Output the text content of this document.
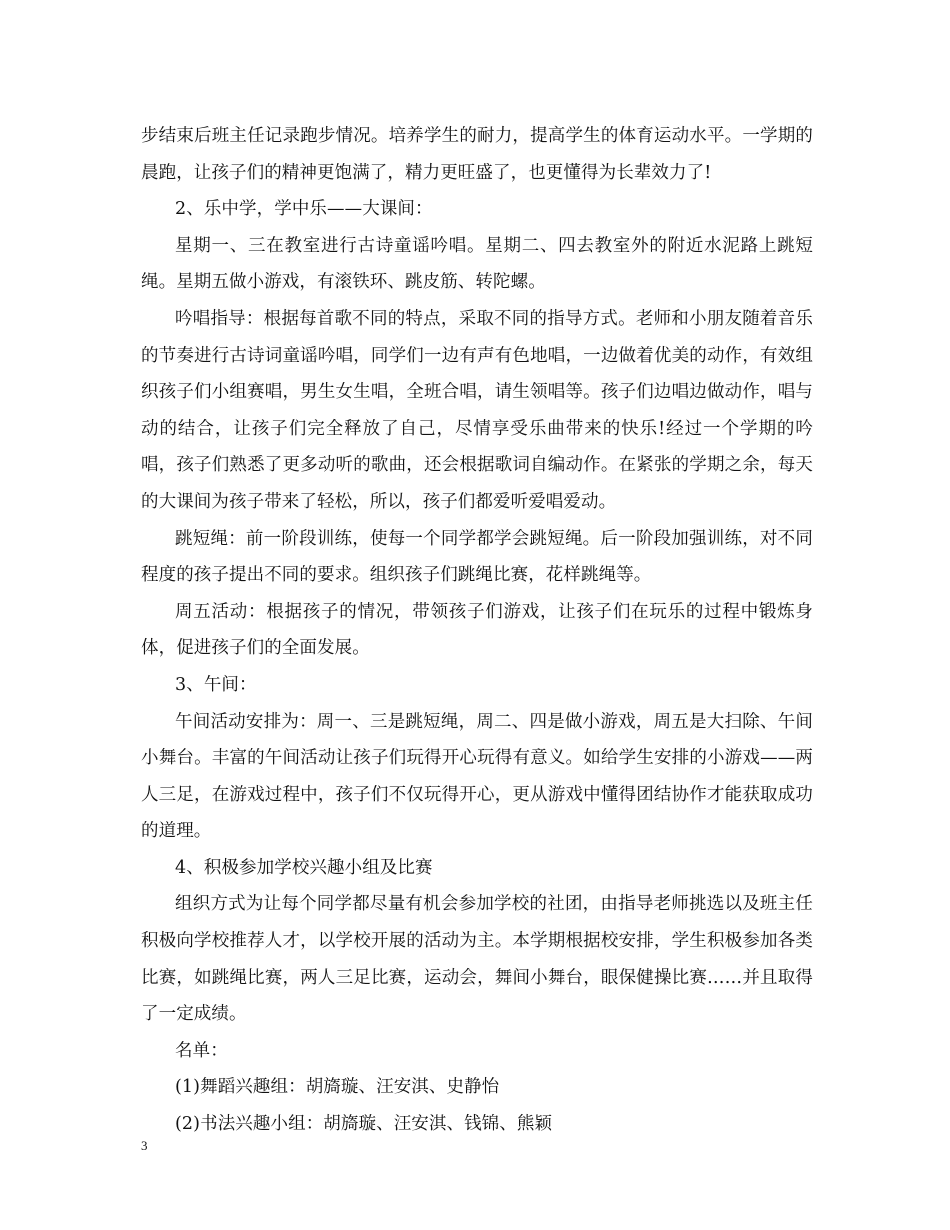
步结束后班主任记录跑步情况。培养学生的耐力，提高学生的体育运动水平。一学期的晨跑，让孩子们的精神更饱满了，精力更旺盛了，也更懂得为长辈效力了!

2、乐中学，学中乐——大课间：

星期一、三在教室进行古诗童谣吟唱。星期二、四去教室外的附近水泥路上跳短绳。星期五做小游戏，有滚铁环、跳皮筋、转陀螺。

吟唱指导：根据每首歌不同的特点，采取不同的指导方式。老师和小朋友随着音乐的节奏进行古诗词童谣吟唱，同学们一边有声有色地唱，一边做着优美的动作，有效组织孩子们小组赛唱，男生女生唱，全班合唱，请生领唱等。孩子们边唱边做动作，唱与动的结合，让孩子们完全释放了自己，尽情享受乐曲带来的快乐!经过一个学期的吟唱，孩子们熟悉了更多动听的歌曲，还会根据歌词自编动作。在紧张的学期之余，每天的大课间为孩子带来了轻松，所以，孩子们都爱听爱唱爱动。

跳短绳：前一阶段训练，使每一个同学都学会跳短绳。后一阶段加强训练，对不同程度的孩子提出不同的要求。组织孩子们跳绳比赛，花样跳绳等。

周五活动：根据孩子的情况，带领孩子们游戏，让孩子们在玩乐的过程中锻炼身体，促进孩子们的全面发展。

3、午间：

午间活动安排为：周一、三是跳短绳，周二、四是做小游戏，周五是大扫除、午间小舞台。丰富的午间活动让孩子们玩得开心玩得有意义。如给学生安排的小游戏——两人三足，在游戏过程中，孩子们不仅玩得开心，更从游戏中懂得团结协作才能获取成功的道理。

4、积极参加学校兴趣小组及比赛

组织方式为让每个同学都尽量有机会参加学校的社团，由指导老师挑选以及班主任积极向学校推荐人才，以学校开展的活动为主。本学期根据校安排，学生积极参加各类比赛，如跳绳比赛，两人三足比赛，运动会，舞间小舞台，眼保健操比赛……并且取得了一定成绩。

名单：

(1)舞蹈兴趣组：胡旖璇、汪安淇、史静怡

(2)书法兴趣小组：胡旖璇、汪安淇、钱锦、熊颖

3
